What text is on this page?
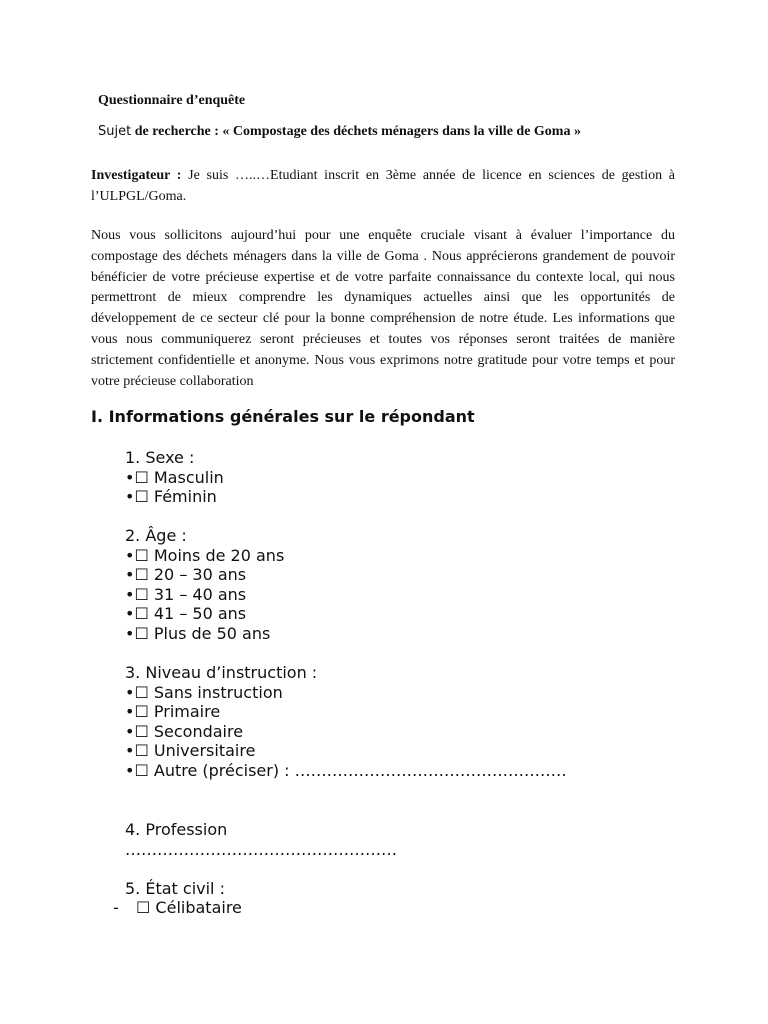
Questionnaire d’enquête
Sujet de recherche : « Compostage des déchets ménagers dans la ville de Goma »
Investigateur : Je suis …..…Etudiant inscrit en 3ème année de licence en sciences de gestion à l’ULPGL/Goma.
Nous vous sollicitons aujourd’hui pour une enquête cruciale visant à évaluer l’importance du compostage des déchets ménagers dans la ville de Goma . Nous apprécierons grandement de pouvoir bénéficier de votre précieuse expertise et de votre parfaite connaissance du contexte local, qui nous permettront de mieux comprendre les dynamiques actuelles ainsi que les opportunités de développement de ce secteur clé pour la bonne compréhension de notre étude. Les informations que vous nous communiquerez seront précieuses et toutes vos réponses seront traitées de manière strictement confidentielle et anonyme. Nous vous exprimons notre gratitude pour votre temps et pour votre précieuse collaboration
I. Informations générales sur le répondant
1. Sexe :
•☐ Masculin
•☐ Féminin
2. Âge :
•☐ Moins de 20 ans
•☐ 20 – 30 ans
•☐ 31 – 40 ans
•☐ 41 – 50 ans
•☐ Plus de 50 ans
3. Niveau d’instruction :
•☐ Sans instruction
•☐ Primaire
•☐ Secondaire
•☐ Universitaire
•☐ Autre (préciser) : ……………………………………………
4. Profession
……………………………………………
5. État civil :
- ☐ Célibataire
